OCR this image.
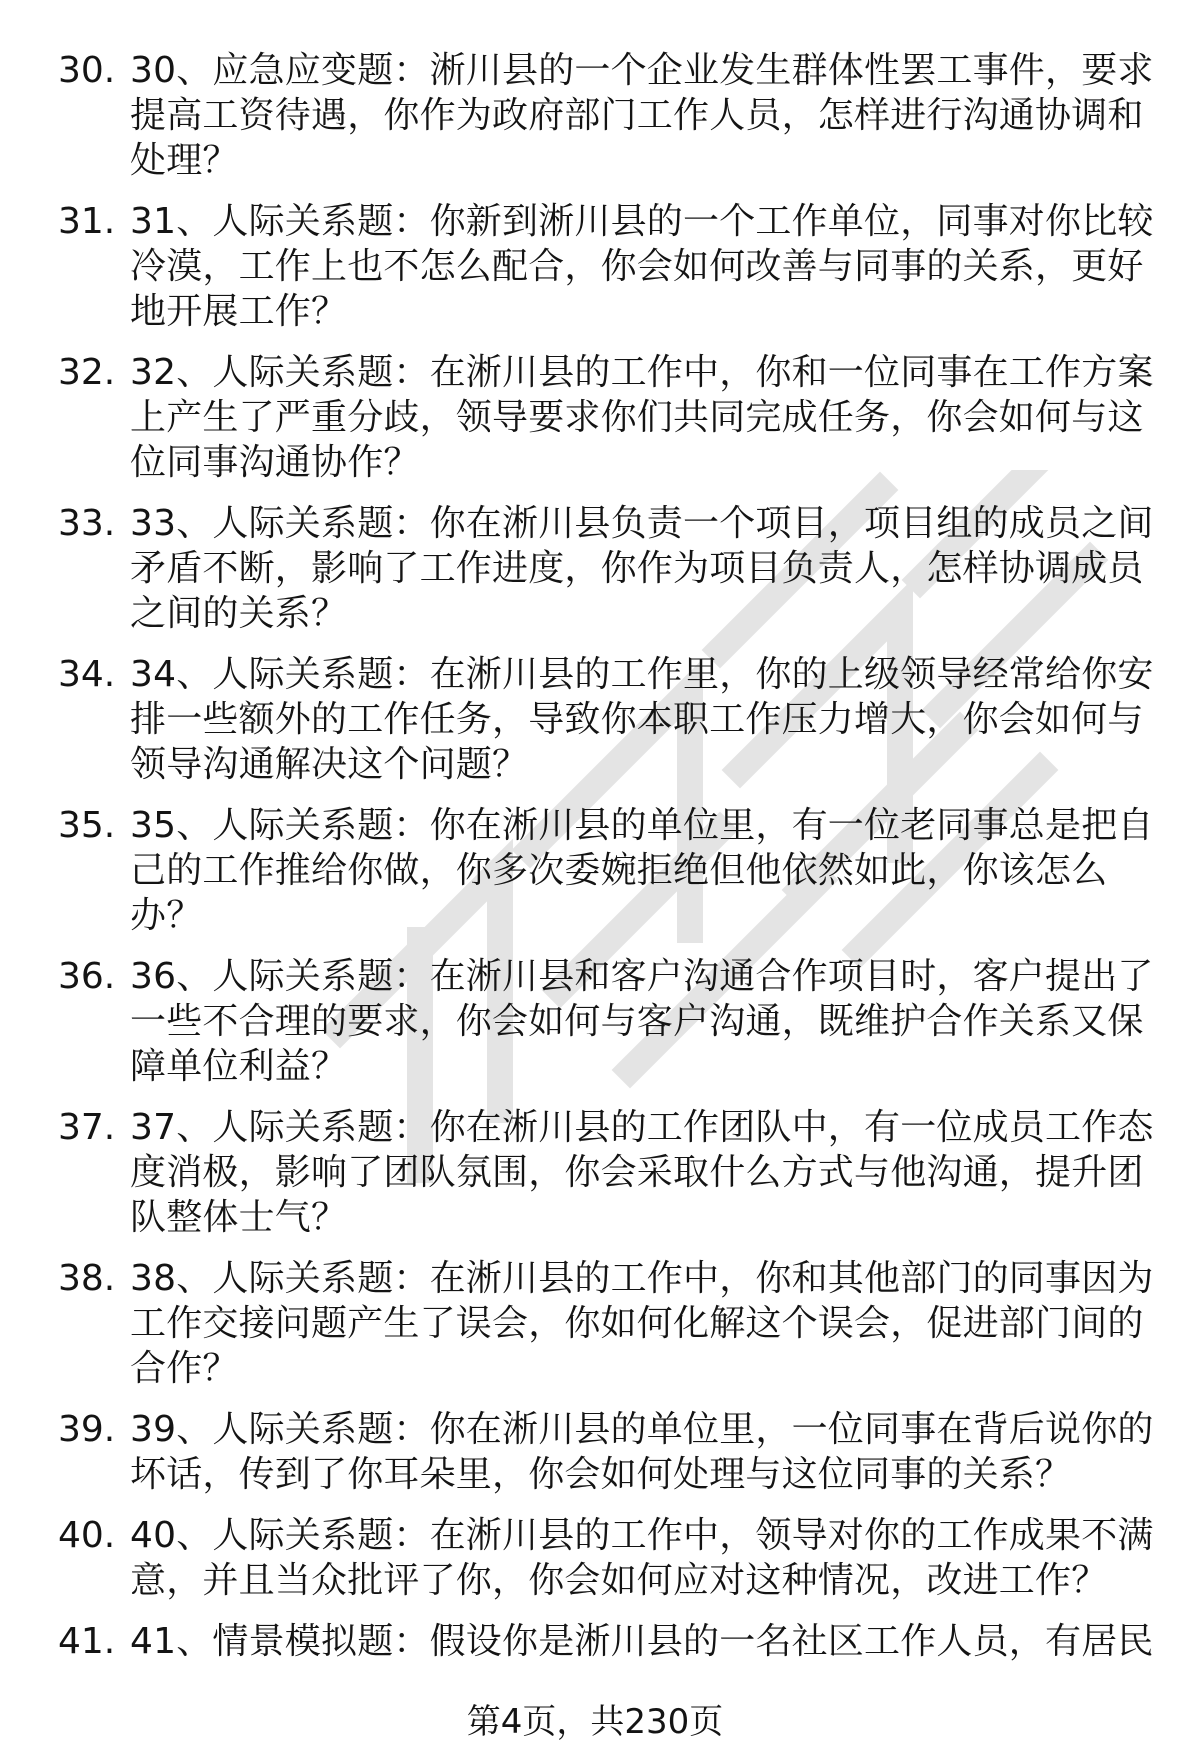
30. 30、应急应变题：淅川县的一个企业发生群体性罢工事件，要求提高工资待遇，你作为政府部门工作人员，怎样进行沟通协调和处理？
31. 31、人际关系题：你新到淅川县的一个工作单位，同事对你比较冷漠，工作上也不怎么配合，你会如何改善与同事的关系，更好地开展工作？
32. 32、人际关系题：在淅川县的工作中，你和一位同事在工作方案上产生了严重分歧，领导要求你们共同完成任务，你会如何与这位同事沟通协作？
33. 33、人际关系题：你在淅川县负责一个项目，项目组的成员之间矛盾不断，影响了工作进度，你作为项目负责人，怎样协调成员之间的关系？
34. 34、人际关系题：在淅川县的工作里，你的上级领导经常给你安排一些额外的工作任务，导致你本职工作压力增大，你会如何与领导沟通解决这个问题？
35. 35、人际关系题：你在淅川县的单位里，有一位老同事总是把自己的工作推给你做，你多次委婉拒绝但他依然如此，你该怎么办？
36. 36、人际关系题：在淅川县和客户沟通合作项目时，客户提出了一些不合理的要求，你会如何与客户沟通，既维护合作关系又保障单位利益？
37. 37、人际关系题：你在淅川县的工作团队中，有一位成员工作态度消极，影响了团队氛围，你会采取什么方式与他沟通，提升团队整体士气？
38. 38、人际关系题：在淅川县的工作中，你和其他部门的同事因为工作交接问题产生了误会，你如何化解这个误会，促进部门间的合作？
39. 39、人际关系题：你在淅川县的单位里，一位同事在背后说你的坏话，传到了你耳朵里，你会如何处理与这位同事的关系？
40. 40、人际关系题：在淅川县的工作中，领导对你的工作成果不满意，并且当众批评了你，你会如何应对这种情况，改进工作？
41. 41、情景模拟题：假设你是淅川县的一名社区工作人员，有居民
第4页，共230页
